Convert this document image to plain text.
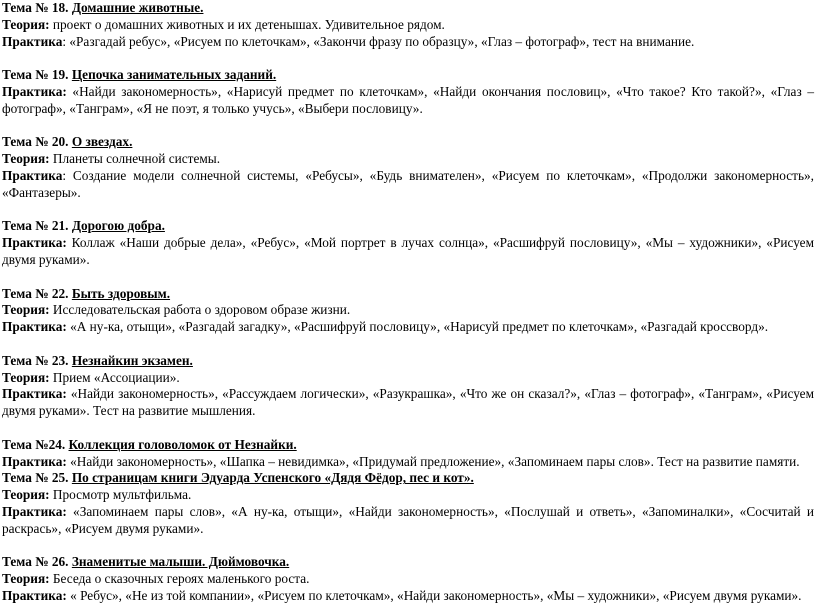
Тема № 18. Домашние животные.
Теория: проект о домашних животных и их детенышах. Удивительное рядом.
Практика: «Разгадай ребус», «Рисуем по клеточкам», «Закончи фразу по образцу», «Глаз – фотограф», тест на внимание.
Тема № 19. Цепочка занимательных заданий.
Практика: «Найди закономерность», «Нарисуй предмет по клеточкам», «Найди окончания пословиц», «Что такое? Кто такой?», «Глаз – фотограф», «Танграм», «Я не поэт, я только учусь», «Выбери пословицу».
Тема № 20. О звездах.
Теория: Планеты солнечной системы.
Практика: Создание модели солнечной системы, «Ребусы», «Будь внимателен», «Рисуем по клеточкам», «Продолжи закономерность», «Фантазеры».
Тема № 21. Дорогою добра.
Практика: Коллаж «Наши добрые дела», «Ребус», «Мой портрет в лучах солнца», «Расшифруй пословицу», «Мы – художники», «Рисуем двумя руками».
Тема № 22. Быть здоровым.
Теория: Исследовательская работа о здоровом образе жизни.
Практика: «А ну-ка, отыщи», «Разгадай загадку», «Расшифруй пословицу», «Нарисуй предмет по клеточкам», «Разгадай кроссворд».
Тема № 23. Незнайкин экзамен.
Теория: Прием «Ассоциации».
Практика: «Найди закономерность», «Рассуждаем логически», «Разукрашка», «Что же он сказал?», «Глаз – фотограф», «Танграм», «Рисуем двумя руками». Тест на развитие мышления.
Тема №24. Коллекция головоломок от Незнайки.
Практика: «Найди закономерность», «Шапка – невидимка», «Придумай предложение», «Запоминаем пары слов». Тест на развитие памяти.
Тема № 25. По страницам книги Эдуарда Успенского «Дядя Фёдор, пес и кот».
Теория: Просмотр мультфильма.
Практика: «Запоминаем пары слов», «А ну-ка, отыщи», «Найди закономерность», «Послушай и ответь», «Запоминалки», «Сосчитай и раскрась», «Рисуем двумя руками».
Тема № 26. Знаменитые малыши. Дюймовочка.
Теория: Беседа о сказочных героях маленького роста.
Практика: « Ребус», «Не из той компании», «Рисуем по клеточкам», «Найди закономерность», «Мы – художники», «Рисуем двумя руками».
